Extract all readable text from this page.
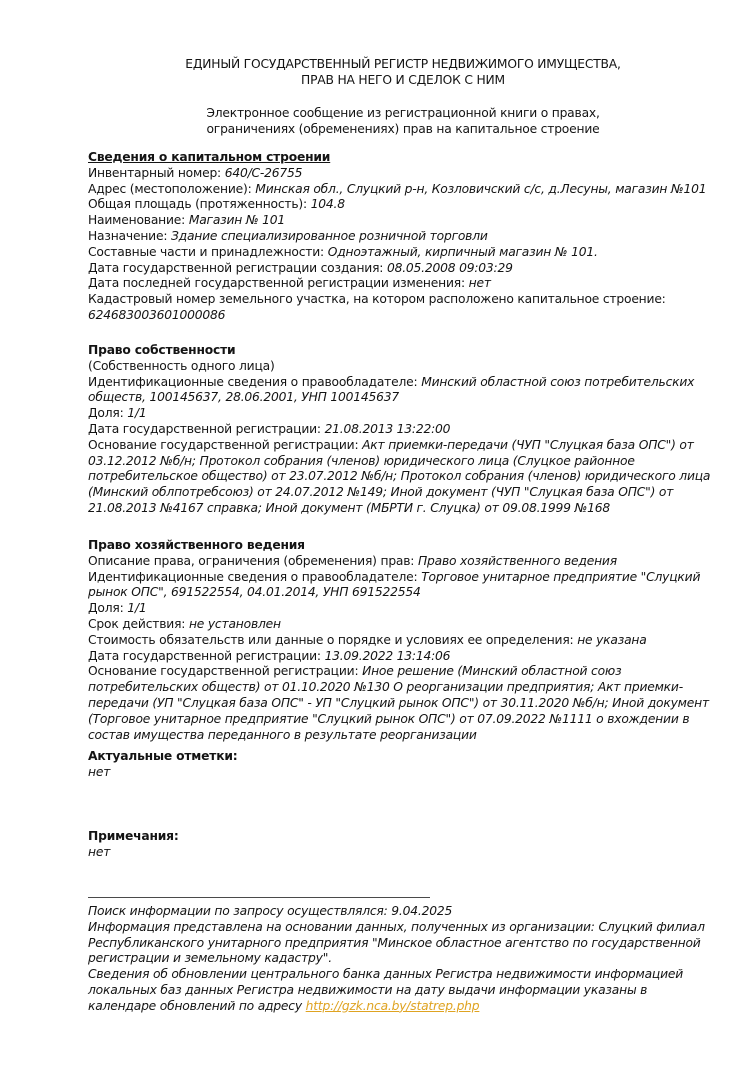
ЕДИНЫЙ ГОСУДАРСТВЕННЫЙ РЕГИСТР НЕДВИЖИМОГО ИМУЩЕСТВА,
ПРАВ НА НЕГО И СДЕЛОК С НИМ
Электронное сообщение из регистрационной книги о правах,
ограничениях (обременениях) прав на капитальное строение
Сведения о капитальном строении
Инвентарный номер: 640/C-26755
Адрес (местоположение): Минская обл., Слуцкий р-н, Козловичский с/с, д.Лесуны, магазин №101
Общая площадь (протяженность): 104.8
Наименование: Магазин № 101
Назначение: Здание специализированное розничной торговли
Составные части и принадлежности: Одноэтажный, кирпичный магазин № 101.
Дата государственной регистрации создания: 08.05.2008 09:03:29
Дата последней государственной регистрации изменения: нет
Кадастровый номер земельного участка, на котором расположено капитальное строение: 624683003601000086
Право собственности
(Собственность одного лица)
Идентификационные сведения о правообладателе: Минский областной союз потребительских обществ, 100145637, 28.06.2001, УНП 100145637
Доля: 1/1
Дата государственной регистрации: 21.08.2013 13:22:00
Основание государственной регистрации: Акт приемки-передачи (ЧУП "Слуцкая база ОПС") от 03.12.2012 №б/н; Протокол собрания (членов) юридического лица (Слуцкое районное потребительское общество) от 23.07.2012 №б/н; Протокол собрания (членов) юридического лица (Минский облпотребсоюз) от 24.07.2012 №149; Иной документ (ЧУП "Слуцкая база ОПС") от 21.08.2013 №4167 справка; Иной документ (МБРТИ г. Слуцка) от 09.08.1999 №168
Право хозяйственного ведения
Описание права, ограничения (обременения) прав: Право хозяйственного ведения
Идентификационные сведения о правообладателе: Торговое унитарное предприятие "Слуцкий рынок ОПС", 691522554, 04.01.2014, УНП 691522554
Доля: 1/1
Срок действия: не установлен
Стоимость обязательств или данные о порядке и условиях ее определения: не указана
Дата государственной регистрации: 13.09.2022 13:14:06
Основание государственной регистрации: Иное решение (Минский областной союз потребительских обществ) от 01.10.2020 №130 О реорганизации предприятия; Акт приемки-передачи (УП "Слуцкая база ОПС" - УП "Слуцкий рынок ОПС") от 30.11.2020 №б/н; Иной документ (Торговое унитарное предприятие "Слуцкий рынок ОПС") от 07.09.2022 №1111 о вхождении в состав имущества переданного в результате реорганизации
Актуальные отметки:
нет
Примечания:
нет
Поиск информации по запросу осуществлялся: 9.04.2025
Информация представлена на основании данных, полученных из организации: Слуцкий филиал Республиканского унитарного предприятия "Минское областное агентство по государственной регистрации и земельному кадастру".
Сведения об обновлении центрального банка данных Регистра недвижимости информацией локальных баз данных Регистра недвижимости на дату выдачи информации указаны в календаре обновлений по адресу http://gzk.nca.by/statrep.php
